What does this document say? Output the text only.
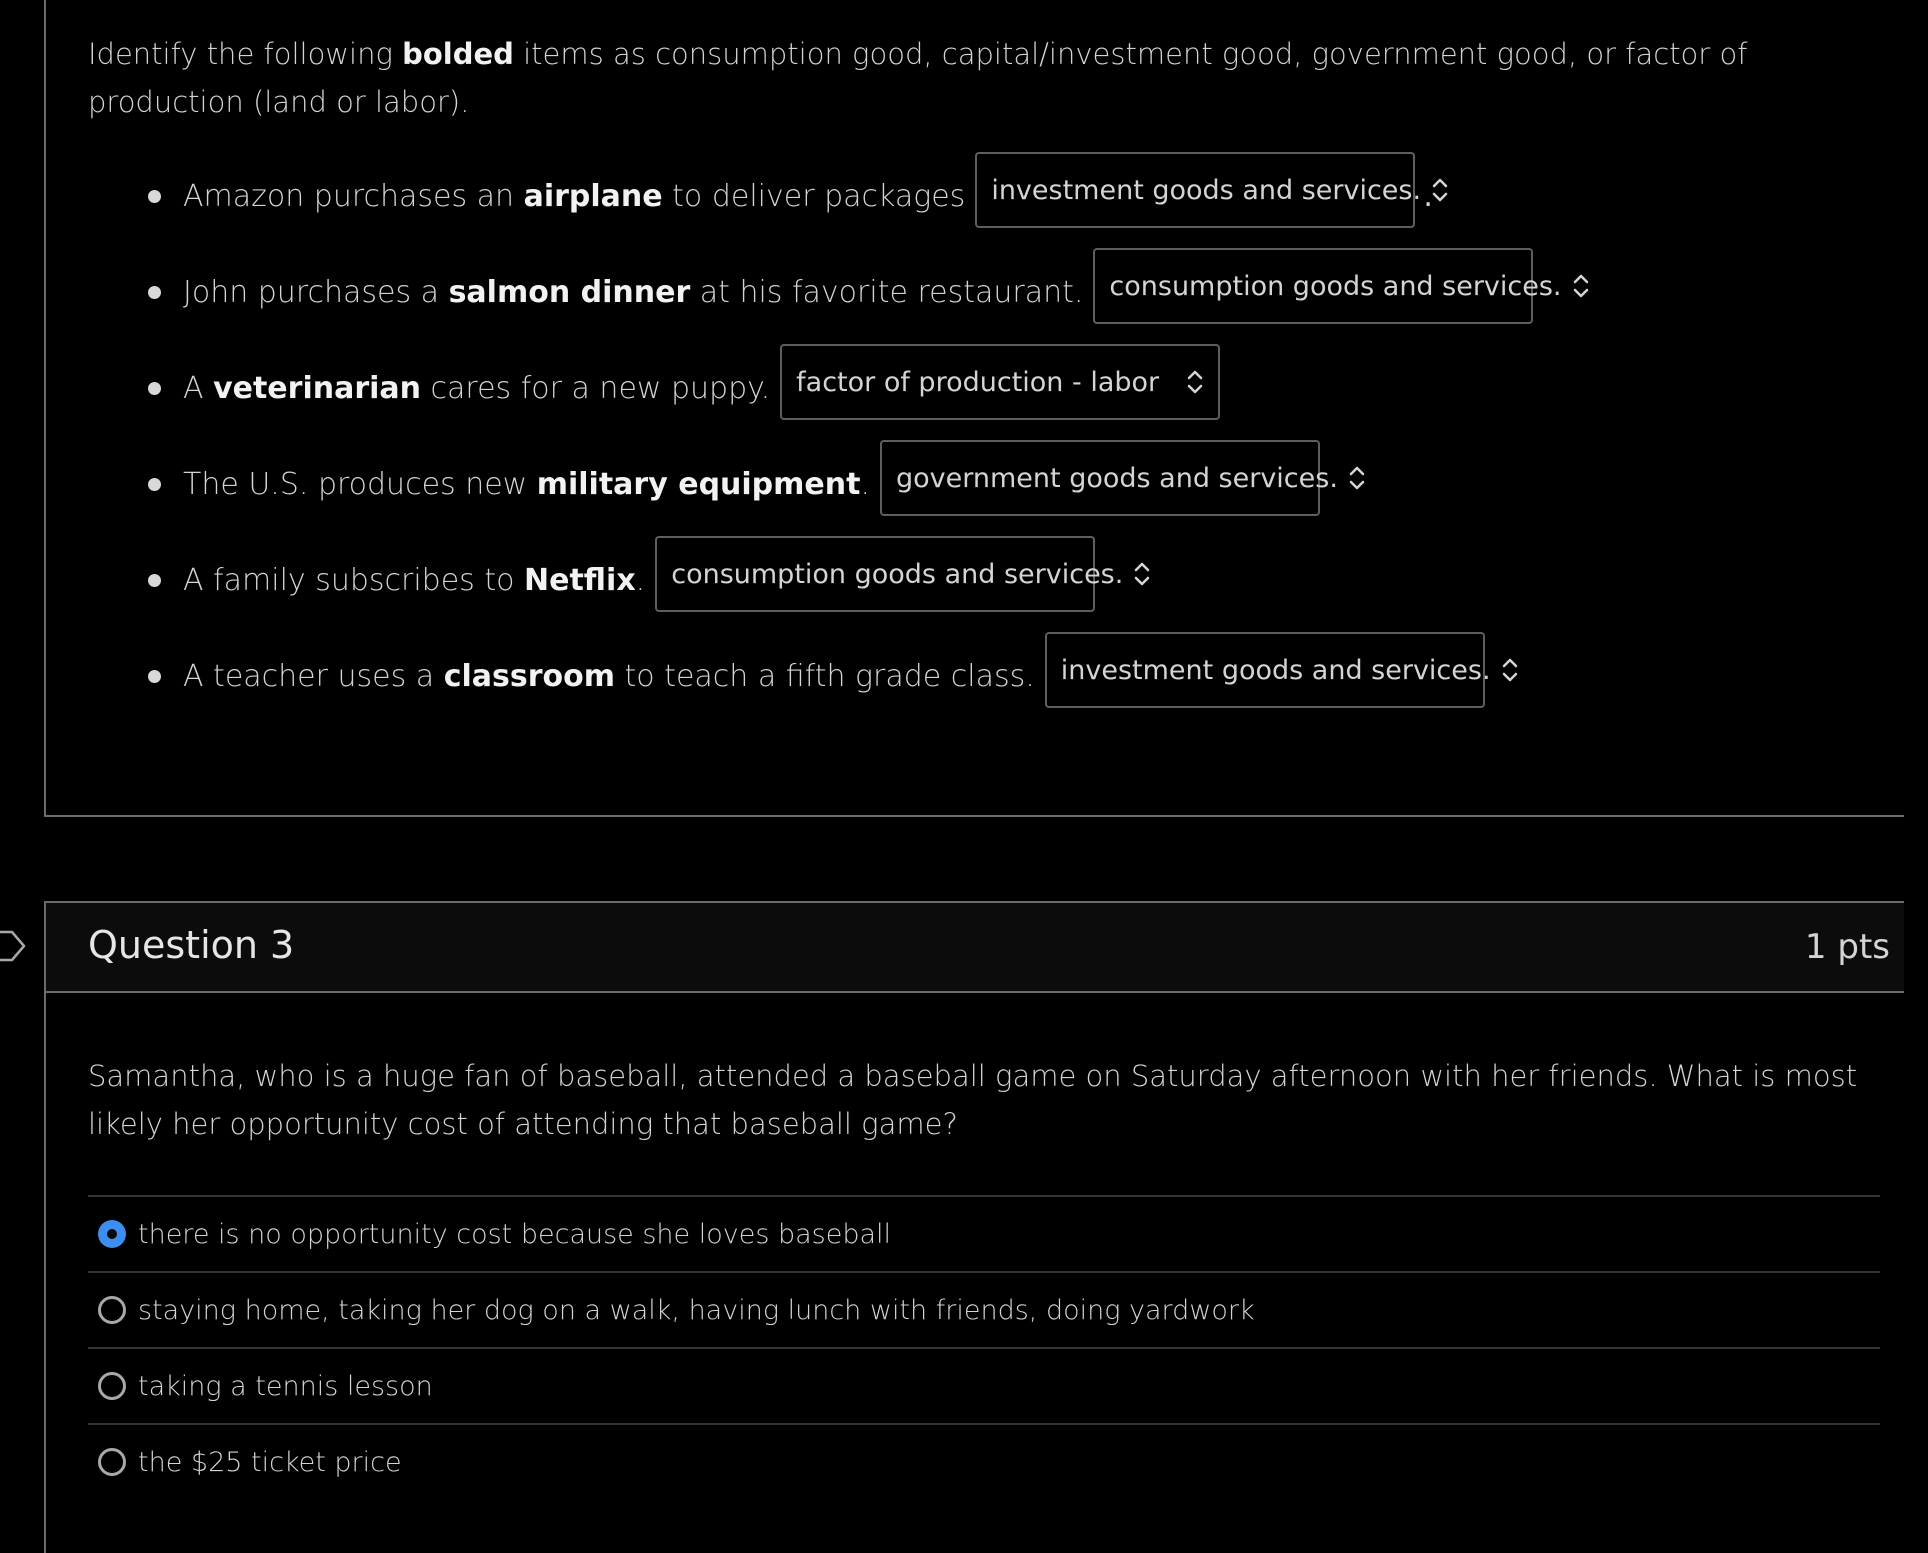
Identify the following bolded items as consumption good, capital/investment good, government good, or factor of production (land or labor).
Amazon purchases an airplane to deliver packages investment goods and services. .
John purchases a salmon dinner at his favorite restaurant. consumption goods and services.
A veterinarian cares for a new puppy. factor of production - labor
The U.S. produces new military equipment. government goods and services.
A family subscribes to Netflix. consumption goods and services.
A teacher uses a classroom to teach a fifth grade class. investment goods and services.
Question 3	1 pts
Samantha, who is a huge fan of baseball, attended a baseball game on Saturday afternoon with her friends. What is most likely her opportunity cost of attending that baseball game?
there is no opportunity cost because she loves baseball
staying home, taking her dog on a walk, having lunch with friends, doing yardwork
taking a tennis lesson
the $25 ticket price
